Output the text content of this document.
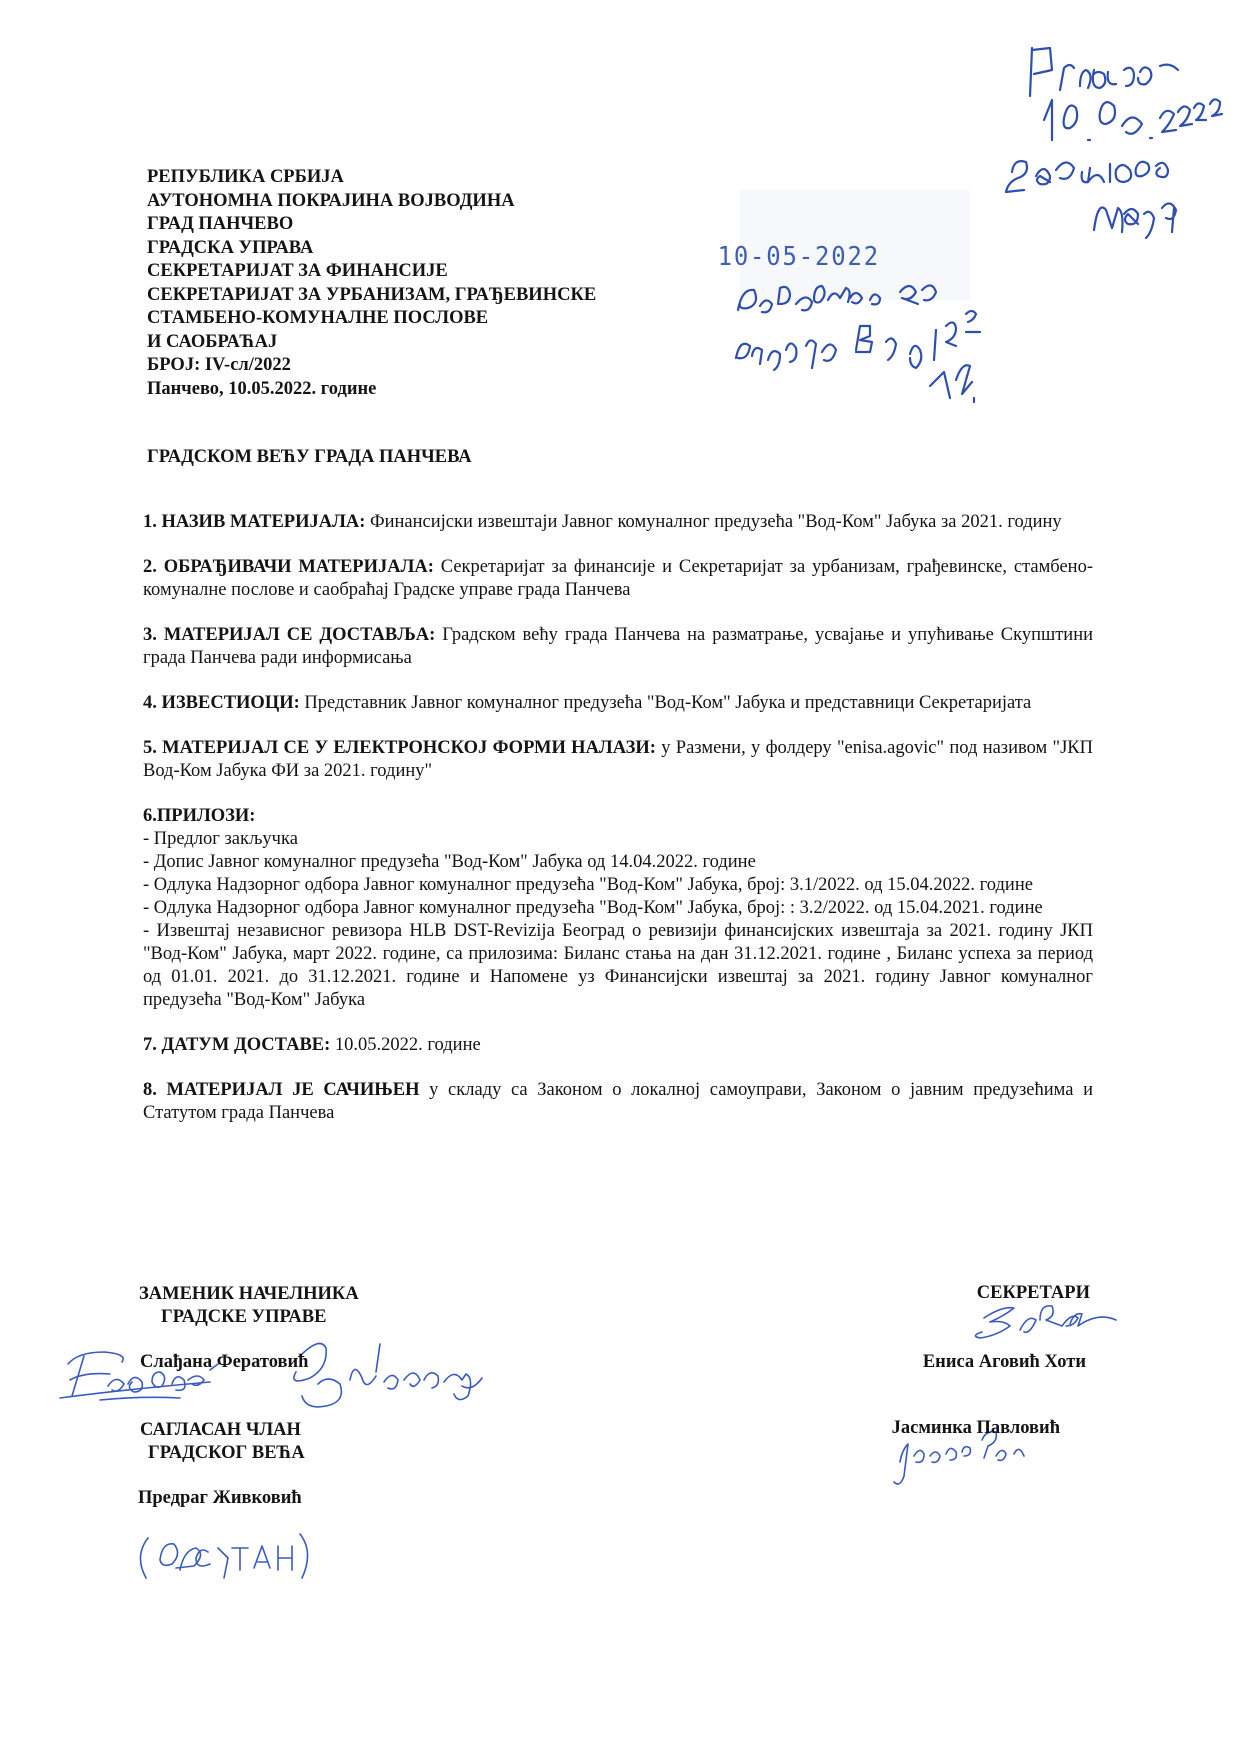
10-05-2022
РЕПУБЛИКА СРБИЈА
АУТОНОМНА ПОКРАЈИНА ВОЈВОДИНА
ГРАД ПАНЧЕВО
ГРАДСКА УПРАВА
СЕКРЕТАРИЈАТ ЗА ФИНАНСИЈЕ
СЕКРЕТАРИЈАТ ЗА УРБАНИЗАМ, ГРАЂЕВИНСКЕ
СТАМБЕНО-КОМУНАЛНЕ ПОСЛОВЕ
И САОБРАЋАЈ
БРОЈ: IV-сл/2022
Панчево, 10.05.2022. године
ГРАДСКОМ ВЕЋУ ГРАДА ПАНЧЕВА
1. НАЗИВ МАТЕРИЈАЛА: Финансијски извештаји Јавног комуналног предузећа "Вод-Ком" Јабука за 2021. годину
2. ОБРАЂИВАЧИ МАТЕРИЈАЛА: Секретаријат за финансије и Секретаријат за урбанизам, грађевинске, стамбено-комуналне послове и саобраћај Градске управе града Панчева
3. МАТЕРИЈАЛ СЕ ДОСТАВЉА: Градском већу града Панчева на разматрање, усвајање и упућивање Скупштини града Панчева ради информисања
4. ИЗВЕСТИОЦИ: Представник Јавног комуналног предузећа "Вод-Ком" Јабука и представници Секретаријата
5. МАТЕРИЈАЛ СЕ У ЕЛЕКТРОНСКОЈ ФОРМИ НАЛАЗИ: у Размени, у фолдеру "enisa.agovic" под називом "ЈКП Вод-Ком Јабука ФИ за 2021. годину"
6.ПРИЛОЗИ:
- Предлог закључка
- Допис Јавног комуналног предузећа "Вод-Ком" Јабука од 14.04.2022. године
- Одлука Надзорног одбора Јавног комуналног предузећа "Вод-Ком" Јабука, број: 3.1/2022. од 15.04.2022. године
- Одлука Надзорног одбора Јавног комуналног предузећа "Вод-Ком" Јабука, број: : 3.2/2022. од 15.04.2021. године
- Извештај независног ревизора HLB DST-Revizija Београд о ревизији финансијских извештаја за 2021. годину ЈКП "Вод-Ком" Јабука, март 2022. године, са прилозима: Биланс стања на дан 31.12.2021. године , Биланс успеха за период од 01.01. 2021. до 31.12.2021. године и Напомене уз Финансијски извештај за 2021. годину Јавног комуналног предузећа "Вод-Ком" Јабука
7. ДАТУМ ДОСТАВЕ: 10.05.2022. године
8. МАТЕРИЈАЛ ЈЕ САЧИЊЕН у складу са Законом о локалној самоуправи, Законом о јавним предузећима и Статутом града Панчева
ЗАМЕНИК НАЧЕЛНИКА
ГРАДСКЕ УПРАВЕ
Слађана Фератовић
САГЛАСАН ЧЛАН
ГРАДСКОГ ВЕЋА
Предраг Живковић
СЕКРЕТАРИ
Ениса Аговић Хоти
Јасминка Павловић
